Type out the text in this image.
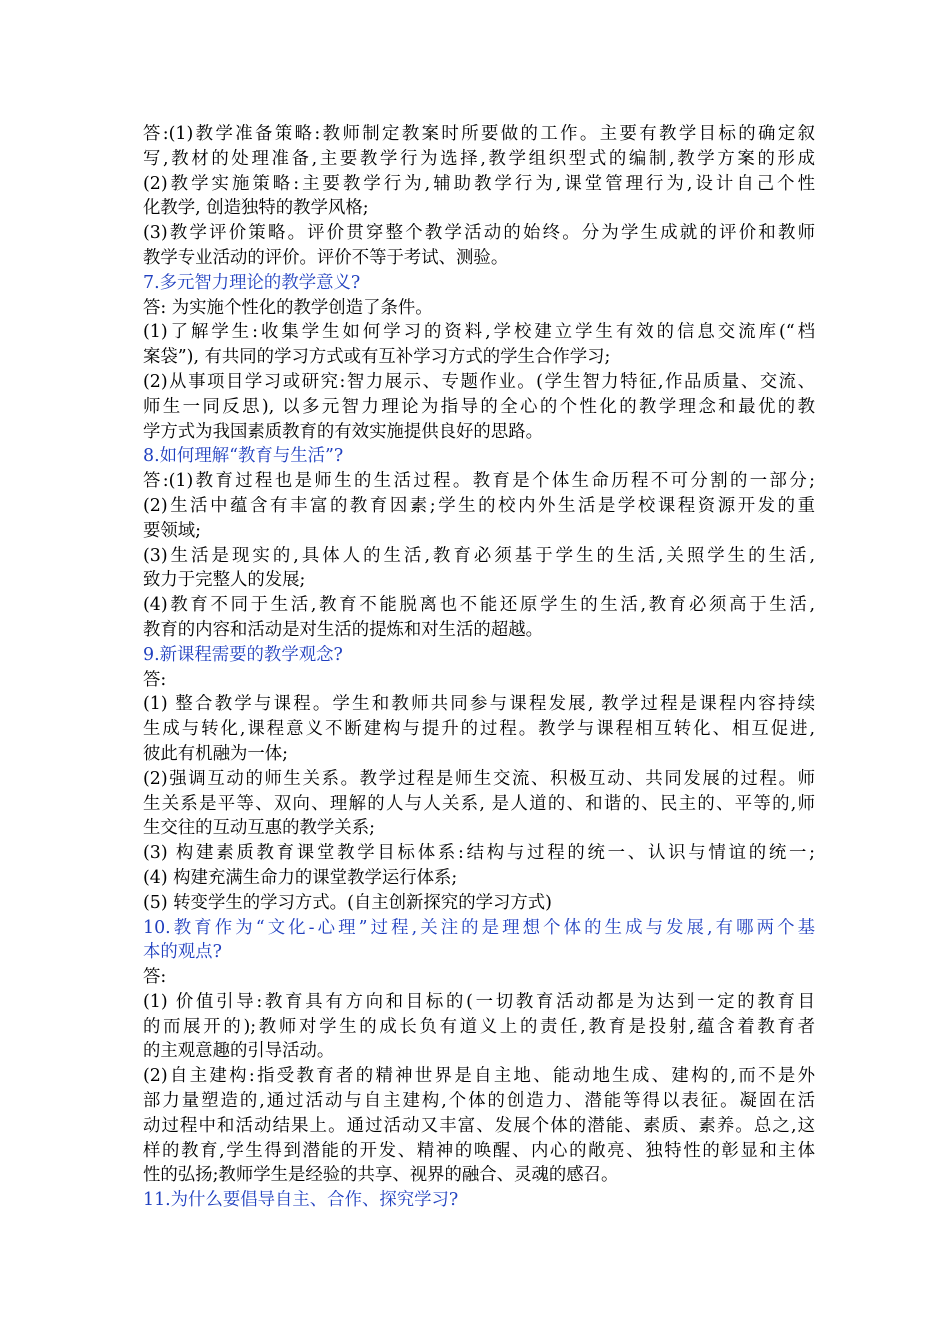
答:(1)教学准备策略:教师制定教案时所要做的工作。主要有教学目标的确定叙
写,教材的处理准备,主要教学行为选择,教学组织型式的编制,教学方案的形成
(2)教学实施策略:主要教学行为,辅助教学行为,课堂管理行为,设计自己个性
化教学, 创造独特的教学风格;
(3)教学评价策略。评价贯穿整个教学活动的始终。分为学生成就的评价和教师
教学专业活动的评价。评价不等于考试、测验。
7.多元智力理论的教学意义?
答: 为实施个性化的教学创造了条件。
(1)了解学生:收集学生如何学习的资料,学校建立学生有效的信息交流库(“档
案袋”), 有共同的学习方式或有互补学习方式的学生合作学习;
(2)从事项目学习或研究:智力展示、专题作业。(学生智力特征,作品质量、交流、
师生一同反思), 以多元智力理论为指导的全心的个性化的教学理念和最优的教
学方式为我国素质教育的有效实施提供良好的思路。
8.如何理解“教育与生活”?
答:(1)教育过程也是师生的生活过程。教育是个体生命历程不可分割的一部分;
(2)生活中蕴含有丰富的教育因素;学生的校内外生活是学校课程资源开发的重
要领域;
(3)生活是现实的,具体人的生活,教育必须基于学生的生活,关照学生的生活,
致力于完整人的发展;
(4)教育不同于生活,教育不能脱离也不能还原学生的生活,教育必须高于生活,
教育的内容和活动是对生活的提炼和对生活的超越。
9.新课程需要的教学观念?
答:
(1) 整合教学与课程。学生和教师共同参与课程发展, 教学过程是课程内容持续
生成与转化,课程意义不断建构与提升的过程。教学与课程相互转化、相互促进,
彼此有机融为一体;
(2)强调互动的师生关系。教学过程是师生交流、积极互动、共同发展的过程。师
生关系是平等、双向、理解的人与人关系, 是人道的、和谐的、民主的、平等的,师
生交往的互动互惠的教学关系;
(3) 构建素质教育课堂教学目标体系:结构与过程的统一、认识与情谊的统一;
(4) 构建充满生命力的课堂教学运行体系;
(5) 转变学生的学习方式。(自主创新探究的学习方式)
10.教育作为“文化-心理”过程,关注的是理想个体的生成与发展,有哪两个基
本的观点?
答:
(1) 价值引导:教育具有方向和目标的(一切教育活动都是为达到一定的教育目
的而展开的);教师对学生的成长负有道义上的责任,教育是投射,蕴含着教育者
的主观意趣的引导活动。
(2)自主建构:指受教育者的精神世界是自主地、能动地生成、建构的,而不是外
部力量塑造的,通过活动与自主建构,个体的创造力、潜能等得以表征。凝固在活
动过程中和活动结果上。通过活动又丰富、发展个体的潜能、素质、素养。总之,这
样的教育,学生得到潜能的开发、精神的唤醒、内心的敞亮、独特性的彰显和主体
性的弘扬;教师学生是经验的共享、视界的融合、灵魂的感召。
11.为什么要倡导自主、合作、探究学习?
